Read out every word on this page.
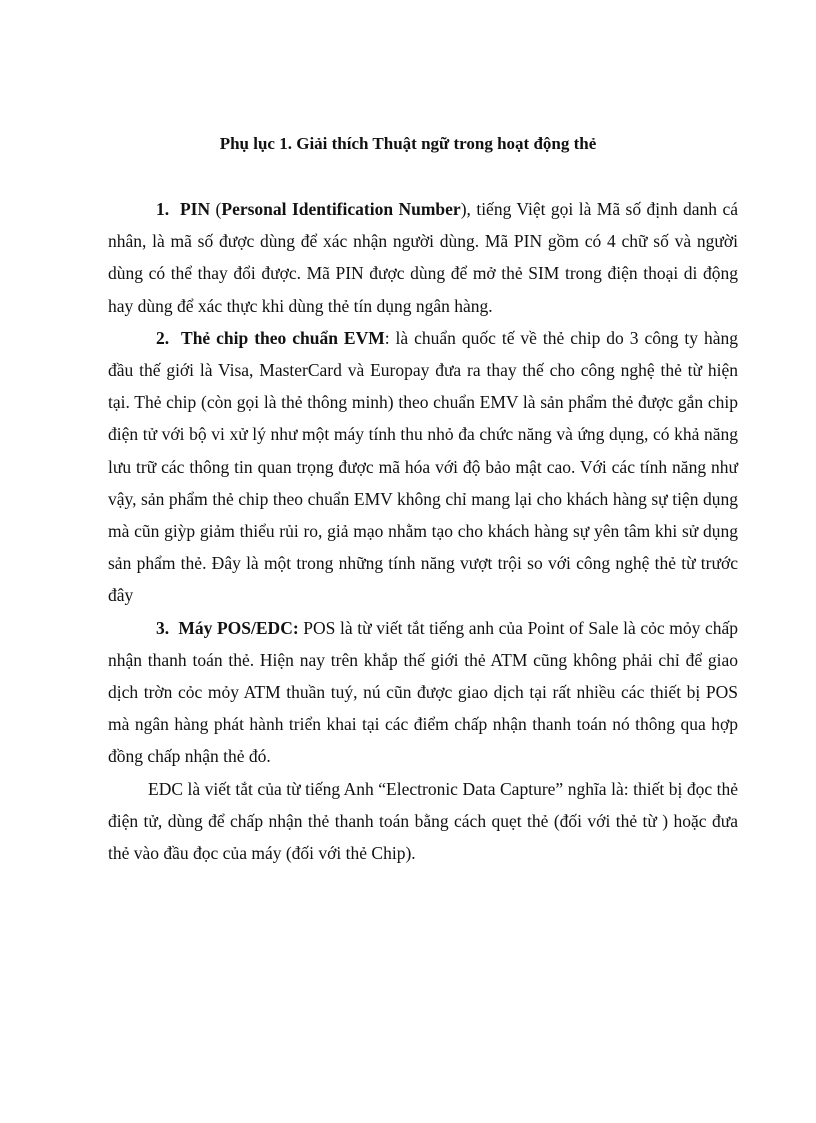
Phụ lục 1. Giải thích Thuật ngữ trong hoạt động thẻ

1. PIN (Personal Identification Number), tiếng Việt gọi là Mã số định danh cá nhân, là mã số được dùng để xác nhận người dùng. Mã PIN gồm có 4 chữ số và người dùng có thể thay đổi được. Mã PIN được dùng để mở thẻ SIM trong điện thoại di động hay dùng để xác thực khi dùng thẻ tín dụng ngân hàng.

2. Thẻ chip theo chuẩn EVM: là chuẩn quốc tế về thẻ chip do 3 công ty hàng đầu thế giới là Visa, MasterCard và Europay đưa ra thay thế cho công nghệ thẻ từ hiện tại. Thẻ chip (còn gọi là thẻ thông minh) theo chuẩn EMV là sản phẩm thẻ được gắn chip điện tử với bộ vi xử lý như một máy tính thu nhỏ đa chức năng và ứng dụng, có khả năng lưu trữ các thông tin quan trọng được mã hóa với độ bảo mật cao. Với các tính năng như vậy, sản phẩm thẻ chip theo chuẩn EMV không chỉ mang lại cho khách hàng sự tiện dụng mà cũn giỳp giảm thiểu rủi ro, giả mạo nhằm tạo cho khách hàng sự yên tâm khi sử dụng sản phẩm thẻ. Đây là một trong những tính năng vượt trội so với công nghệ thẻ từ trước đây

3. Máy POS/EDC: POS là từ viết tắt tiếng anh của Point of Sale là cỏc mỏy chấp nhận thanh toán thẻ. Hiện nay trên khắp thế giới thẻ ATM cũng không phải chỉ để giao dịch trờn cỏc mỏy ATM thuần tuý, nú cũn được giao dịch tại rất nhiều các thiết bị POS mà ngân hàng phát hành triển khai tại các điểm chấp nhận thanh toán nó thông qua hợp đồng chấp nhận thẻ đó.

EDC là viết tắt của từ tiếng Anh “Electronic Data Capture” nghĩa là: thiết bị đọc thẻ điện tử, dùng để chấp nhận thẻ thanh toán bằng cách quẹt thẻ (đối với thẻ từ ) hoặc đưa thẻ vào đầu đọc của máy (đối với thẻ Chip).
